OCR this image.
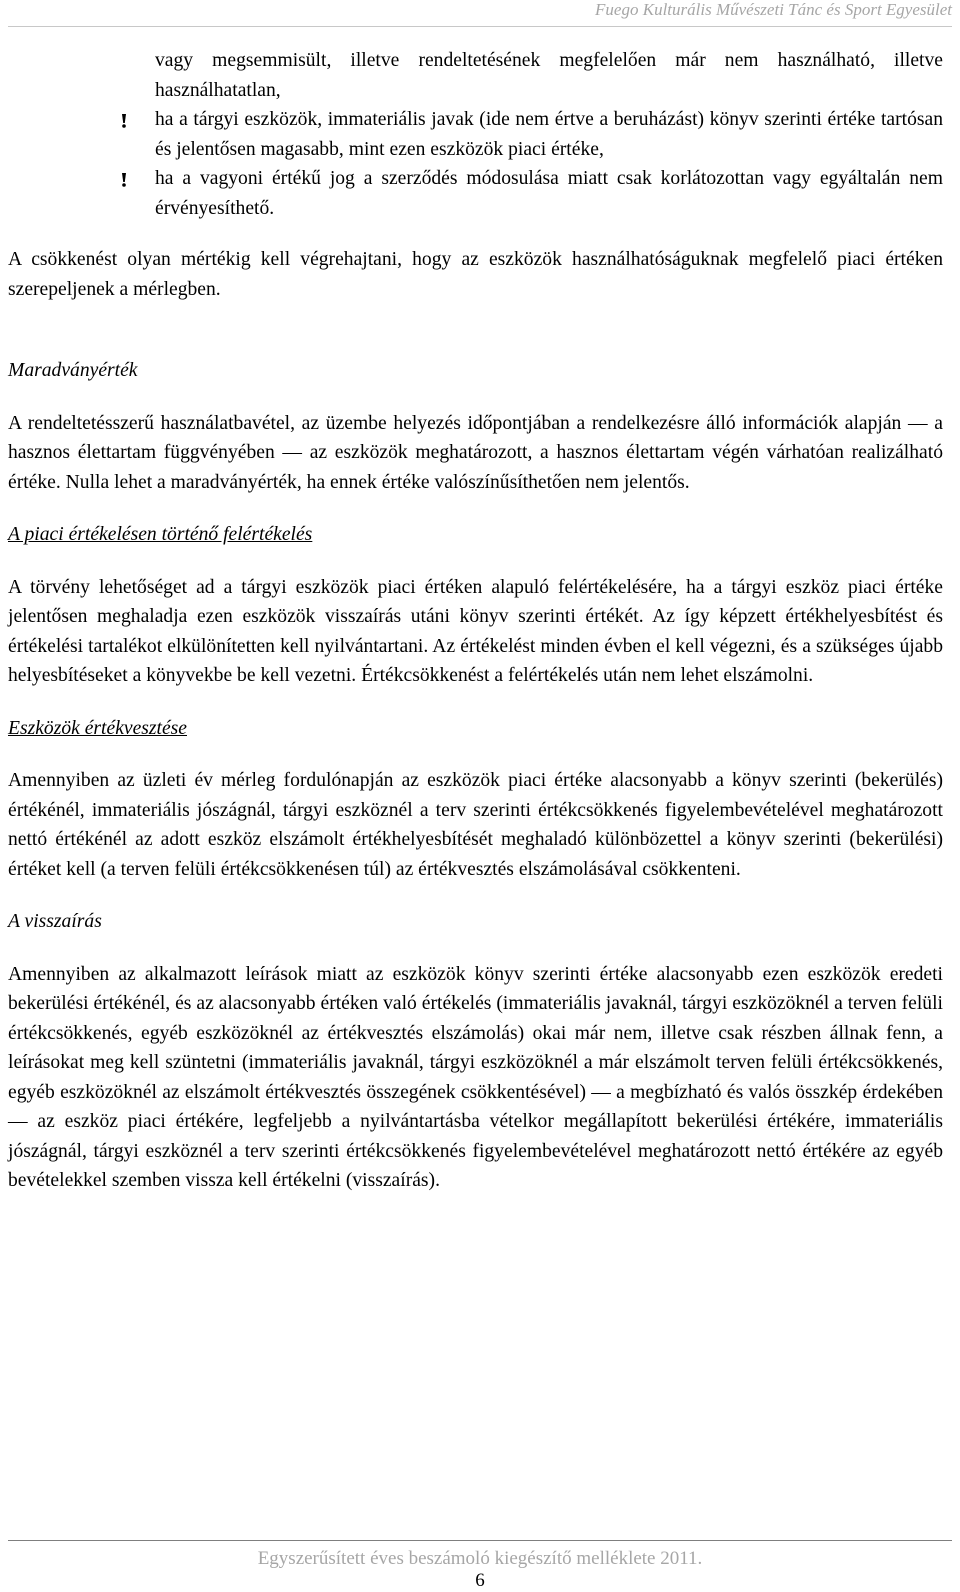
Fuego Kulturális Művészeti Tánc és Sport Egyesület
vagy megsemmisült, illetve rendeltetésének megfelelően már nem használható, illetve használhatatlan,
ha a tárgyi eszközök, immateriális javak (ide nem értve a beruházást) könyv szerinti értéke tartósan és jelentősen magasabb, mint ezen eszközök piaci értéke,
ha a vagyoni értékű jog a szerződés módosulása miatt csak korlátozottan vagy egyáltalán nem érvényesíthető.

A csökkenést olyan mértékig kell végrehajtani, hogy az eszközök használhatóságuknak megfelelő piaci értéken szerepeljenek a mérlegben.

Maradványérték

A rendeltetésszerű használatbavétel, az üzembe helyezés időpontjában a rendelkezésre álló információk alapján — a hasznos élettartam függvényében — az eszközök meghatározott, a hasznos élettartam végén várhatóan realizálható értéke. Nulla lehet a maradványérték, ha ennek értéke valószínűsíthetően nem jelentős.

A piaci értékelésen történő felértékelés

A törvény lehetőséget ad a tárgyi eszközök piaci értéken alapuló felértékelésére, ha a tárgyi eszköz piaci értéke jelentősen meghaladja ezen eszközök visszaírás utáni könyv szerinti értékét. Az így képzett értékhelyesbítést és értékelési tartalékot elkülönítetten kell nyilvántartani. Az értékelést minden évben el kell végezni, és a szükséges újabb helyesbítéseket a könyvekbe be kell vezetni. Értékcsökkenést a felértékelés után nem lehet elszámolni.

Eszközök értékvesztése

Amennyiben az üzleti év mérleg fordulónapján az eszközök piaci értéke alacsonyabb a könyv szerinti (bekerülés) értékénél, immateriális jószágnál, tárgyi eszköznél a terv szerinti értékcsökkenés figyelembevételével meghatározott nettó értékénél az adott eszköz elszámolt értékhelyesbítését meghaladó különbözettel a könyv szerinti (bekerülési) értéket kell (a terven felüli értékcsökkenésen túl) az értékvesztés elszámolásával csökkenteni.

A visszaírás

Amennyiben az alkalmazott leírások miatt az eszközök könyv szerinti értéke alacsonyabb ezen eszközök eredeti bekerülési értékénél, és az alacsonyabb értéken való értékelés (immateriális javaknál, tárgyi eszközöknél a terven felüli értékcsökkenés, egyéb eszközöknél az értékvesztés elszámolás) okai már nem, illetve csak részben állnak fenn, a leírásokat meg kell szüntetni (immateriális javaknál, tárgyi eszközöknél a már elszámolt terven felüli értékcsökkenés, egyéb eszközöknél az elszámolt értékvesztés összegének csökkentésével) — a megbízható és valós összkép érdekében — az eszköz piaci értékére, legfeljebb a nyilvántartásba vételkor megállapított bekerülési értékére, immateriális jószágnál, tárgyi eszköznél a terv szerinti értékcsökkenés figyelembevételével meghatározott nettó értékére az egyéb bevételekkel szemben vissza kell értékelni (visszaírás).

Egyszerűsített éves beszámoló kiegészítő melléklete 2011.
6
